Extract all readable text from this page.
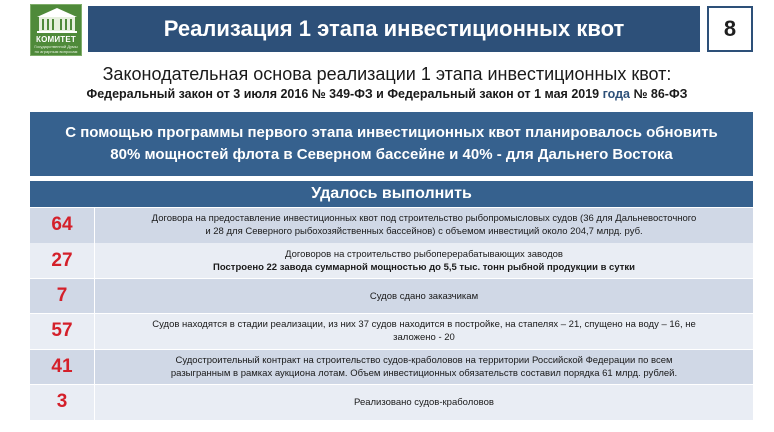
КОМИТЕТ
Государственной Думы по аграрным вопросам
Реализация 1 этапа инвестиционных квот	8
Законодательная основа реализации 1 этапа инвестиционных квот:
Федеральный закон от 3 июля 2016 № 349-ФЗ и Федеральный закон от 1 мая 2019 года № 86-ФЗ
С помощью программы первого этапа инвестиционных квот планировалось обновить
80% мощностей флота в Северном бассейне и 40% - для Дальнего Востока
Удалось выполнить
64	Договора на предоставление инвестиционных квот под строительство рыбопромысловых судов (36 для Дальневосточного
и 28 для Северного рыбохозяйственных бассейнов) с объемом инвестиций около 204,7 млрд. руб.
27	Договоров на строительство рыбоперерабатывающих заводов
Построено 22 завода суммарной мощностью до 5,5 тыс. тонн рыбной продукции в сутки
7	Судов сдано заказчикам
57	Судов находятся в стадии реализации, из них 37 судов находится в постройке, на стапелях – 21, спущено на воду – 16, не
заложено - 20
41	Судостроительный контракт на строительство судов-краболовов на территории Российской Федерации по всем
разыгранным в рамках аукциона лотам. Объем инвестиционных обязательств составил порядка 61 млрд. рублей.
3	Реализовано судов-краболовов
